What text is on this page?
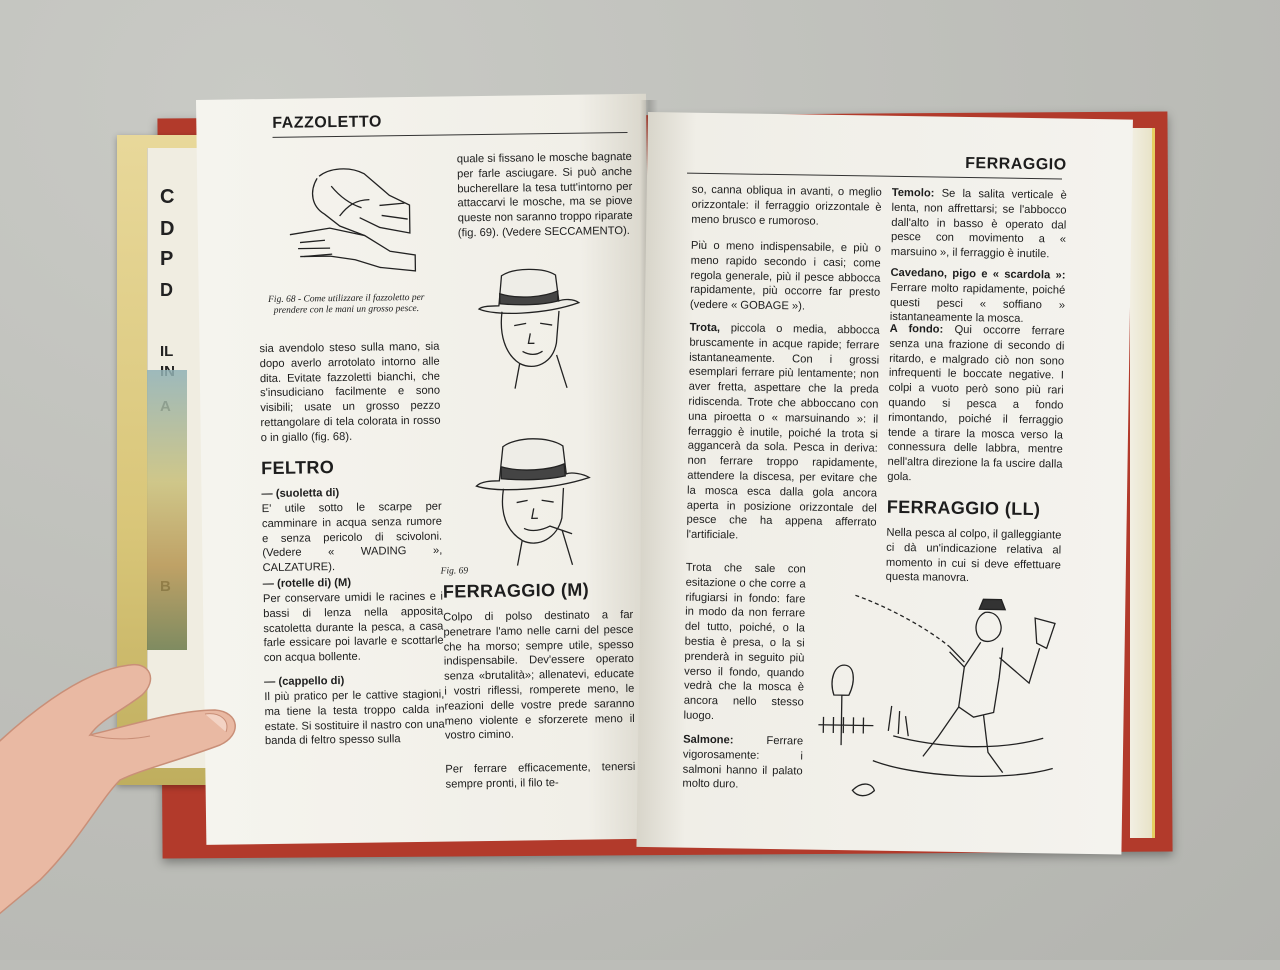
C
D
P
D
IL
FAZZOLETTO
Fig. 68 - Come utilizzare il fazzoletto per prendere con le mani un grosso pesce.
sia avendolo steso sulla mano, sia dopo averlo arrotolato intorno alle dita. Evitate fazzoletti bianchi, che s'insudiciano facilmente e sono visibili; usate un grosso pezzo rettangolare di tela colorata in rosso o in giallo (fig. 68).
FELTRO
— (suoletta di)
E' utile sotto le scarpe per camminare in acqua senza rumore e senza pericolo di scivoloni. (Vedere « WADING », CALZATURE).
— (rotelle di) (M)
Per conservare umidi le racines e i bassi di lenza nella apposita scatoletta durante la pesca, a casa farle essicare poi lavarle e scottarle con acqua bollente.
— (cappello di)
Il più pratico per le cattive stagioni, ma tiene la testa troppo calda in estate. Si sostituire il nastro con una banda di feltro spesso sulla
quale si fissano le mosche bagnate per farle asciugare. Si può anche bucherellare la tesa tutt'intorno per attaccarvi le mosche, ma se piove queste non saranno troppo riparate (fig. 69). (Vedere SECCAMENTO).
Fig. 69
FERRAGGIO (M)
Colpo di polso destinato a far penetrare l'amo nelle carni del pesce che ha morso; sempre utile, spesso indispensabile. Dev'essere operato senza «brutalità»; allenatevi, educate i vostri riflessi, romperete meno, le reazioni delle vostre prede saranno meno violente e sforzerete meno il vostro cimino.
Per ferrare efficacemente, tenersi sempre pronti, il filo te-
FERRAGGIO
so, canna obliqua in avanti, o meglio orizzontale: il ferraggio orizzontale è meno brusco e rumoroso.
Più o meno indispensabile, e più o meno rapido secondo i casi; come regola generale, più il pesce abbocca rapidamente, più occorre far presto (vedere « GOBAGE »).
Trota, piccola o media, abbocca bruscamente in acque rapide; ferrare istantaneamente. Con i grossi esemplari ferrare più lentamente; non aver fretta, aspettare che la preda ridiscenda. Trote che abboccano con una piroetta o « marsuinando »: il ferraggio è inutile, poiché la trota si aggancerà da sola. Pesca in deriva: non ferrare troppo rapidamente, attendere la discesa, per evitare che la mosca esca dalla gola ancora aperta in posizione orizzontale del pesce che ha appena afferrato l'artificiale.
Trota che sale con esitazione o che corre a rifugiarsi in fondo: fare in modo da non ferrare del tutto, poiché, o la bestia è presa, o la si prenderà in seguito più verso il fondo, quando vedrà che la mosca è ancora nello stesso luogo.
Salmone:	Ferrare vigorosamente: i salmoni hanno il palato molto duro.
Temolo: Se la salita verticale è lenta, non affrettarsi; se l'abbocco dall'alto in basso è operato dal pesce con movimento a « marsuino », il ferraggio è inutile.
Cavedano, pigo e « scardola »: Ferrare molto rapidamente, poiché questi pesci « soffiano » istantaneamente la mosca.
A fondo: Qui occorre ferrare senza una frazione di secondo di ritardo, e malgrado ciò non sono infrequenti le boccate negative. I colpi a vuoto però sono più rari quando si pesca a fondo rimontando, poiché il ferraggio tende a tirare la mosca verso la connessura delle labbra, mentre nell'altra direzione la fa uscire dalla gola.
FERRAGGIO (LL)
Nella pesca al colpo, il galleggiante ci dà un'indicazione relativa al momento in cui si deve effettuare questa manovra.
